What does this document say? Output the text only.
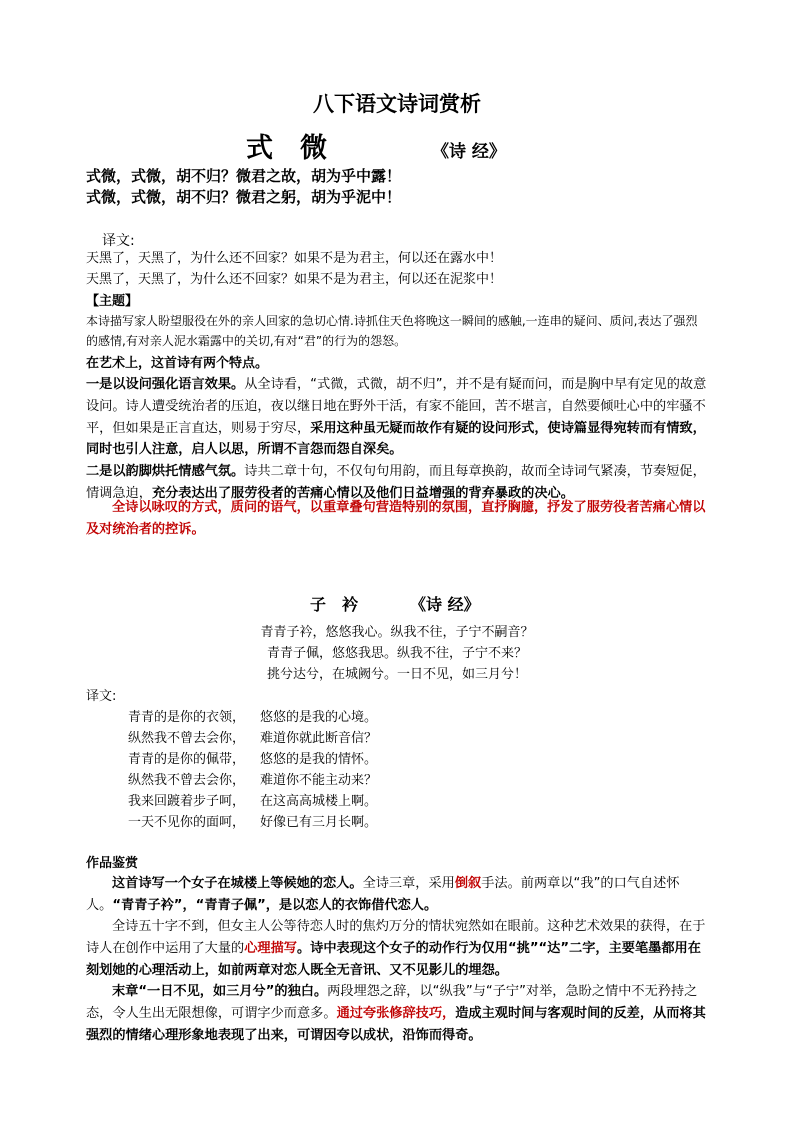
八下语文诗词赏析
式　微	《诗 经》
式微，式微，胡不归？微君之故，胡为乎中露！
式微，式微，胡不归？微君之躬，胡为乎泥中！
译文:
天黑了，天黑了，为什么还不回家？如果不是为君主，何以还在露水中！
天黑了，天黑了，为什么还不回家？如果不是为君主，何以还在泥浆中！
【主题】
本诗描写家人盼望服役在外的亲人回家的急切心情.诗抓住天色将晚这一瞬间的感触,一连串的疑问、质问,表达了强烈的感情,有对亲人泥水霜露中的关切,有对“君”的行为的怨怒。
在艺术上，这首诗有两个特点。
一是以设问强化语言效果。从全诗看，“式微，式微，胡不归”，并不是有疑而问，而是胸中早有定见的故意设问。诗人遭受统治者的压迫，夜以继日地在野外干活，有家不能回，苦不堪言，自然要倾吐心中的牢骚不平，但如果是正言直达，则易于穷尽，采用这种虽无疑而故作有疑的设问形式，使诗篇显得宛转而有情致，同时也引人注意，启人以思，所谓不言怨而怨自深矣。
二是以韵脚烘托情感气氛。诗共二章十句，不仅句句用韵，而且每章换韵，故而全诗词气紧凑，节奏短促，情调急迫，充分表达出了服劳役者的苦痛心情以及他们日益增强的背弃暴政的决心。
全诗以咏叹的方式，质问的语气，以重章叠句营造特别的氛围，直抒胸臆，抒发了服劳役者苦痛心情以及对统治者的控诉。
子　衿	《诗 经》
青青子衿，悠悠我心。纵我不往，子宁不嗣音？
青青子佩，悠悠我思。纵我不往，子宁不来？
挑兮达兮，在城阙兮。一日不见，如三月兮！
译文:
青青的是你的衣领， 悠悠的是我的心境。
纵然我不曾去会你， 难道你就此断音信？
青青的是你的佩带， 悠悠的是我的情怀。
纵然我不曾去会你， 难道你不能主动来？
我来回踱着步子呵， 在这高高城楼上啊。
一天不见你的面呵， 好像已有三月长啊。
作品鉴赏
这首诗写一个女子在城楼上等候她的恋人。全诗三章，采用倒叙手法。前两章以“我”的口气自述怀人。“青青子衿”，“青青子佩”，是以恋人的衣饰借代恋人。
全诗五十字不到，但女主人公等待恋人时的焦灼万分的情状宛然如在眼前。这种艺术效果的获得，在于诗人在创作中运用了大量的心理描写。诗中表现这个女子的动作行为仅用“挑”“达”二字，主要笔墨都用在刻划她的心理活动上，如前两章对恋人既全无音讯、又不见影儿的埋怨。
末章“一日不见，如三月兮”的独白。两段埋怨之辞，以“纵我”与“子宁”对举，急盼之情中不无矜持之态，令人生出无限想像，可谓字少而意多。通过夸张修辞技巧，造成主观时间与客观时间的反差，从而将其强烈的情绪心理形象地表现了出来，可谓因夸以成状，沿饰而得奇。
